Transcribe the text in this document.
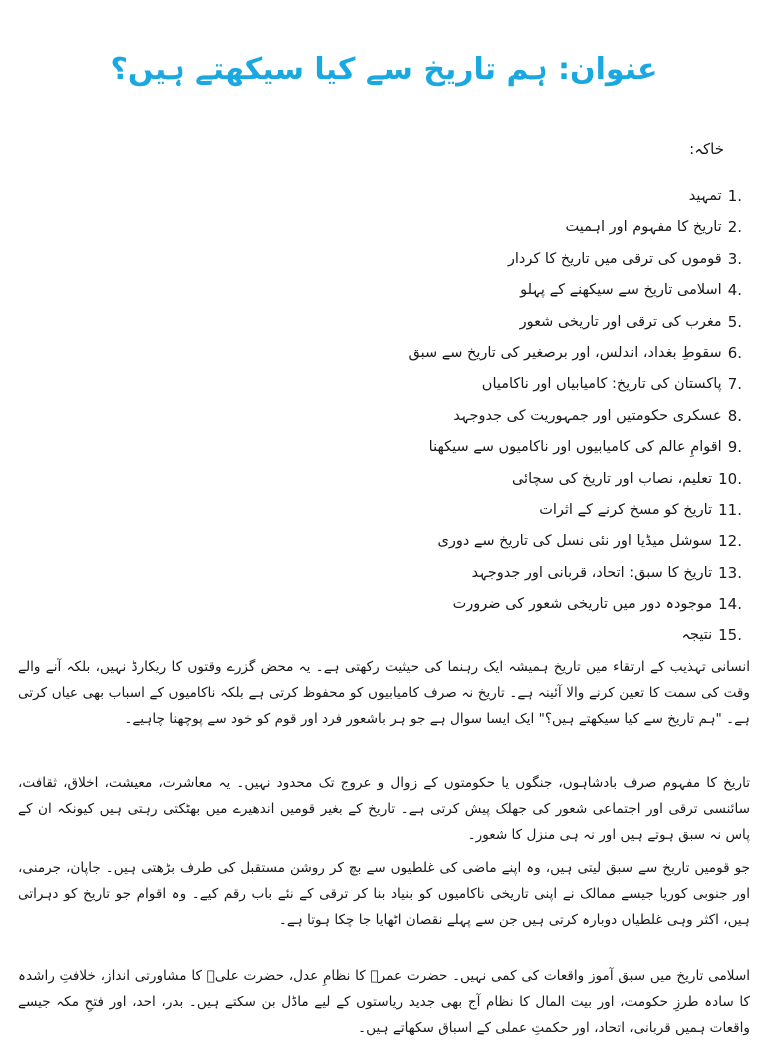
عنوان: ہم تاریخ سے کیا سیکھتے ہیں؟
خاکہ:
1.
تمہید
2.
تاریخ کا مفہوم اور اہمیت
3.
قوموں کی ترقی میں تاریخ کا کردار
4.
اسلامی تاریخ سے سیکھنے کے پہلو
5.
مغرب کی ترقی اور تاریخی شعور
6.
سقوطِ بغداد، اندلس، اور برصغیر کی تاریخ سے سبق
7.
پاکستان کی تاریخ: کامیابیاں اور ناکامیاں
8.
عسکری حکومتیں اور جمہوریت کی جدوجہد
9.
اقوامِ عالم کی کامیابیوں اور ناکامیوں سے سیکھنا
10.
تعلیم، نصاب اور تاریخ کی سچائی
11.
تاریخ کو مسخ کرنے کے اثرات
12.
سوشل میڈیا اور نئی نسل کی تاریخ سے دوری
13.
تاریخ کا سبق: اتحاد، قربانی اور جدوجہد
14.
موجودہ دور میں تاریخی شعور کی ضرورت
15.
نتیجہ

انسانی تہذیب کے ارتقاء میں تاریخ ہمیشہ ایک رہنما کی حیثیت رکھتی ہے۔ یہ محض گزرے وقتوں کا ریکارڈ نہیں، بلکہ آنے والے وقت کی سمت کا تعین کرنے والا آئینہ ہے۔ تاریخ نہ صرف کامیابیوں کو محفوظ کرتی ہے بلکہ ناکامیوں کے اسباب بھی عیاں کرتی ہے۔ "ہم تاریخ سے کیا سیکھتے ہیں؟" ایک ایسا سوال ہے جو ہر باشعور فرد اور قوم کو خود سے پوچھنا چاہیے۔

تاریخ کا مفہوم صرف بادشاہوں، جنگوں یا حکومتوں کے زوال و عروج تک محدود نہیں۔ یہ معاشرت، معیشت، اخلاق، ثقافت، سائنسی ترقی اور اجتماعی شعور کی جھلک پیش کرتی ہے۔ تاریخ کے بغیر قومیں اندھیرے میں بھٹکتی رہتی ہیں کیونکہ ان کے پاس نہ سبق ہوتے ہیں اور نہ ہی منزل کا شعور۔

جو قومیں تاریخ سے سبق لیتی ہیں، وہ اپنے ماضی کی غلطیوں سے بچ کر روشن مستقبل کی طرف بڑھتی ہیں۔ جاپان، جرمنی، اور جنوبی کوریا جیسے ممالک نے اپنی تاریخی ناکامیوں کو بنیاد بنا کر ترقی کے نئے باب رقم کیے۔ وہ اقوام جو تاریخ کو دہراتی ہیں، اکثر وہی غلطیاں دوبارہ کرتی ہیں جن سے پہلے نقصان اٹھایا جا چکا ہوتا ہے۔

اسلامی تاریخ میں سبق آموز واقعات کی کمی نہیں۔ حضرت عمرؓ کا نظامِ عدل، حضرت علیؓ کا مشاورتی انداز، خلافتِ راشدہ کا سادہ طرزِ حکومت، اور بیت المال کا نظام آج بھی جدید ریاستوں کے لیے ماڈل بن سکتے ہیں۔ بدر، احد، اور فتحِ مکہ جیسے واقعات ہمیں قربانی، اتحاد، اور حکمتِ عملی کے اسباق سکھاتے ہیں۔
